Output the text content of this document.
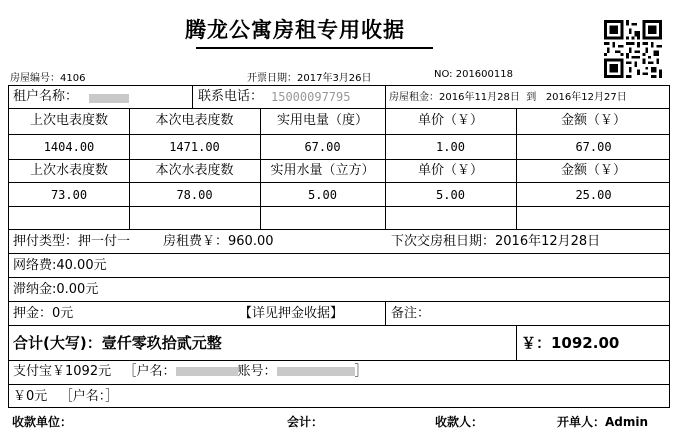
腾龙公寓房租专用收据
房屋编号：4106	开票日期：2017年3月26日	NO: 201600118
租户名称：	联系电话： 15000097795	房屋租金：2016年11月28日 到 2016年12月27日
上次电表度数	本次电表度数	实用电量（度）	单价（￥）	金额（￥）
1404.00	1471.00	67.00	1.00	67.00
上次水表度数	本次水表度数	实用水量（立方）	单价（￥）	金额（￥）
73.00	78.00	5.00	5.00	25.00
押付类型：押一付一	房租费￥：960.00	下次交房租日期：2016年12月28日
网络费:40.00元
滞纳金:0.00元
押金：0元	【详见押金收据】	备注：
合计(大写)：壹仟零玖拾贰元整	￥：1092.00
支付宝￥1092元 ［户名：	账号：	］
￥0元 ［户名：］
收款单位：	会计：	收款人：	开单人：Admin
